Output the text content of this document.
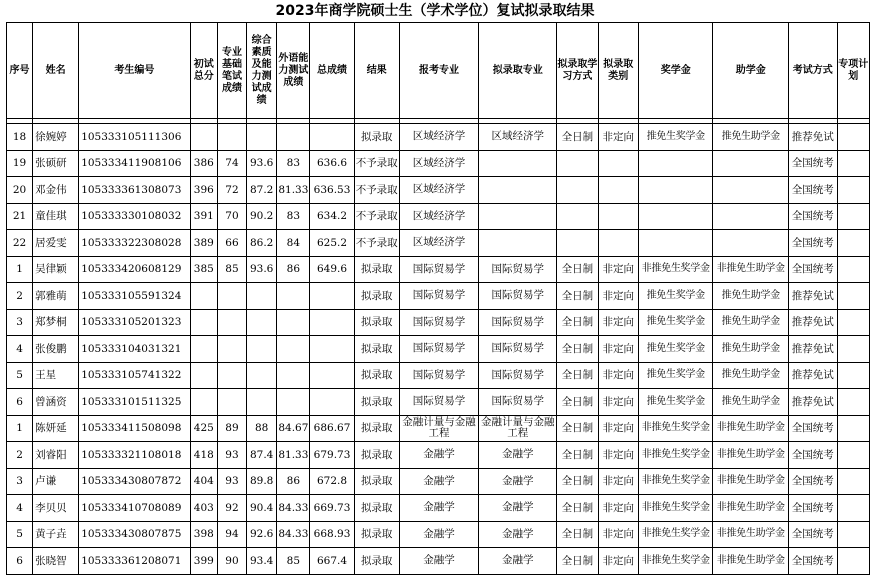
2023年商学院硕士生（学术学位）复试拟录取结果
序号	姓名	考生编号	初试总分	专业基础笔试成绩	综合素质及能力测试成绩	外语能力测试成绩	总成绩	结果	报考专业	拟录取专业	拟录取学习方式	拟录取类别	奖学金	助学金	考试方式	专项计划

18	徐婉婷	105333105111306						拟录取	区域经济学	区域经济学	全日制	非定向	推免生奖学金	推免生助学金	推荐免试	
19	张硕研	105333411908106	386	74	93.6	83	636.6	不予录取	区域经济学						全国统考	
20	邓金伟	105333361308073	396	72	87.2	81.33	636.53	不予录取	区域经济学						全国统考	
21	童佳琪	105333330108032	391	70	90.2	83	634.2	不予录取	区域经济学						全国统考	
22	居爱雯	105333322308028	389	66	86.2	84	625.2	不予录取	区域经济学						全国统考	
1	吴律颖	105333420608129	385	85	93.6	86	649.6	拟录取	国际贸易学	国际贸易学	全日制	非定向	非推免生奖学金	非推免生助学金	全国统考	
2	郭雅萌	105333105591324						拟录取	国际贸易学	国际贸易学	全日制	非定向	推免生奖学金	推免生助学金	推荐免试	
3	郑梦桐	105333105201323						拟录取	国际贸易学	国际贸易学	全日制	非定向	推免生奖学金	推免生助学金	推荐免试	
4	张俊鹏	105333104031321						拟录取	国际贸易学	国际贸易学	全日制	非定向	推免生奖学金	推免生助学金	推荐免试	
5	王星	105333105741322						拟录取	国际贸易学	国际贸易学	全日制	非定向	推免生奖学金	推免生助学金	推荐免试	
6	曾涵资	105333101511325						拟录取	国际贸易学	国际贸易学	全日制	非定向	推免生奖学金	推免生助学金	推荐免试	
1	陈妍延	105333411508098	425	89	88	84.67	686.67	拟录取	金融计量与金融工程	金融计量与金融工程	全日制	非定向	非推免生奖学金	非推免生助学金	全国统考	
2	刘睿阳	105333321108018	418	93	87.4	81.33	679.73	拟录取	金融学	金融学	全日制	非定向	非推免生奖学金	非推免生助学金	全国统考	
3	卢谦	105333430807872	404	93	89.8	86	672.8	拟录取	金融学	金融学	全日制	非定向	非推免生奖学金	非推免生助学金	全国统考	
4	李贝贝	105333410708089	403	92	90.4	84.33	669.73	拟录取	金融学	金融学	全日制	非定向	非推免生奖学金	非推免生助学金	全国统考	
5	黄子垚	105333430807875	398	94	92.6	84.33	668.93	拟录取	金融学	金融学	全日制	非定向	非推免生奖学金	非推免生助学金	全国统考	
6	张晓智	105333361208071	399	90	93.4	85	667.4	拟录取	金融学	金融学	全日制	非定向	非推免生奖学金	非推免生助学金	全国统考	
